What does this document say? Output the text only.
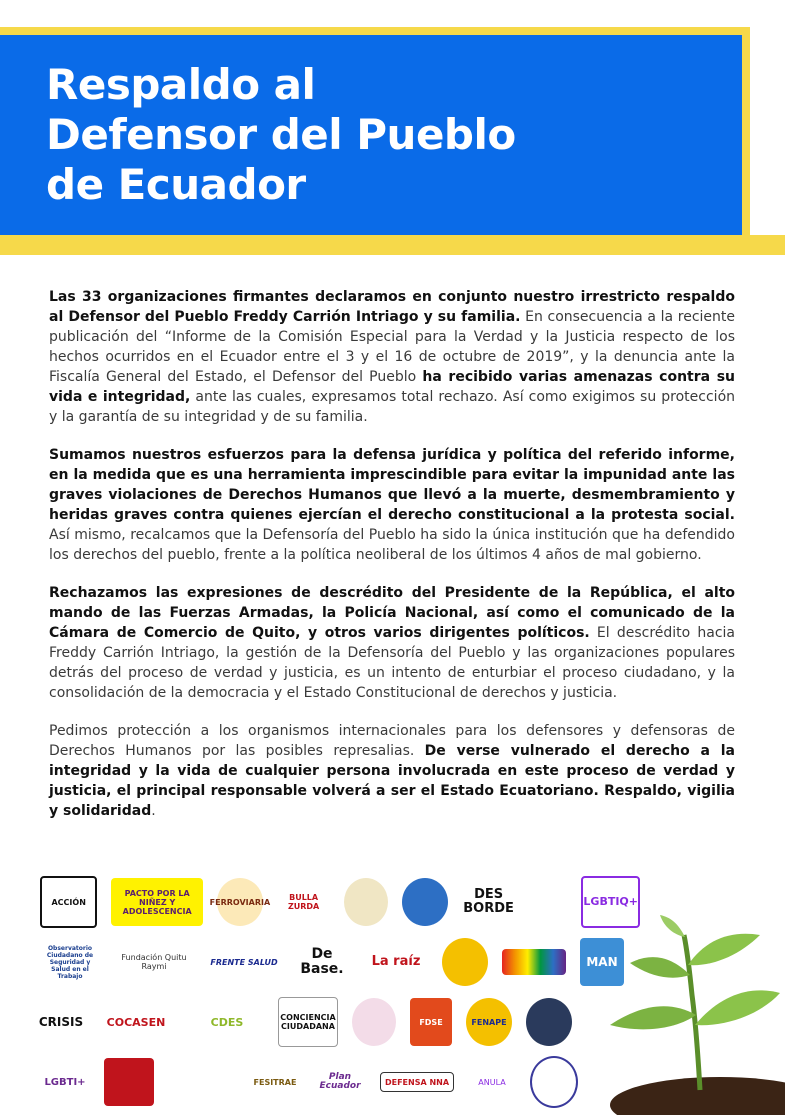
Respaldo al
Defensor del Pueblo
de Ecuador

Las 33 organizaciones firmantes declaramos en conjunto nuestro irrestricto respaldo al Defensor del Pueblo Freddy Carrión Intriago y su familia. En consecuencia a la reciente publicación del “Informe de la Comisión Especial para la Verdad y la Justicia respecto de los hechos ocurridos en el Ecuador entre el 3 y el 16 de octubre de 2019”, y la denuncia ante la Fiscalía General del Estado, el Defensor del Pueblo ha recibido varias amenazas contra su vida e integridad, ante las cuales, expresamos total rechazo. Así como exigimos su protección y la garantía de su integridad y de su familia.

Sumamos nuestros esfuerzos para la defensa jurídica y política del referido informe, en la medida que es una herramienta imprescindible para evitar la impunidad ante las graves violaciones de Derechos Humanos que llevó a la muerte, desmembramiento y heridas graves contra quienes ejercían el derecho constitucional a la protesta social. Así mismo, recalcamos que la Defensoría del Pueblo ha sido la única institución que ha defendido los derechos del pueblo, frente a la política neoliberal de los últimos 4 años de mal gobierno.

Rechazamos las expresiones de descrédito del Presidente de la República, el alto mando de las Fuerzas Armadas, la Policía Nacional, así como el comunicado de la Cámara de Comercio de Quito, y otros varios dirigentes políticos. El descrédito hacia Freddy Carrión Intriago, la gestión de la Defensoría del Pueblo y las organizaciones populares detrás del proceso de verdad y justicia, es un intento de enturbiar el proceso ciudadano, y la consolidación de la democracia y el Estado Constitucional de derechos y justicia.

Pedimos protección a los organismos internacionales para los defensores y defensoras de Derechos Humanos por las posibles represalias. De verse vulnerado el derecho a la integridad y la vida de cualquier persona involucrada en este proceso de verdad y justicia, el principal responsable volverá a ser el Estado Ecuatoriano. Respaldo, vigilia y solidaridad.

ACCIÓN
PACTO POR LA NIÑEZ Y ADOLESCENCIA
FERROVIARIA	BULLA ZURDA
DES BORDE	LGBTIQ+
Observatorio Ciudadano de Seguridad y Salud en el Trabajo
Fundación Quitu Raymi	FRENTE SALUD	De Base.	La raíz	MAN
CRISIS	COCASEN	CDES	CONCIENCIA CIUDADANA	FDSE	FENAPE
LGBTI+	FESITRAE	Plan Ecuador	DEFENSA NNA	ANULA
